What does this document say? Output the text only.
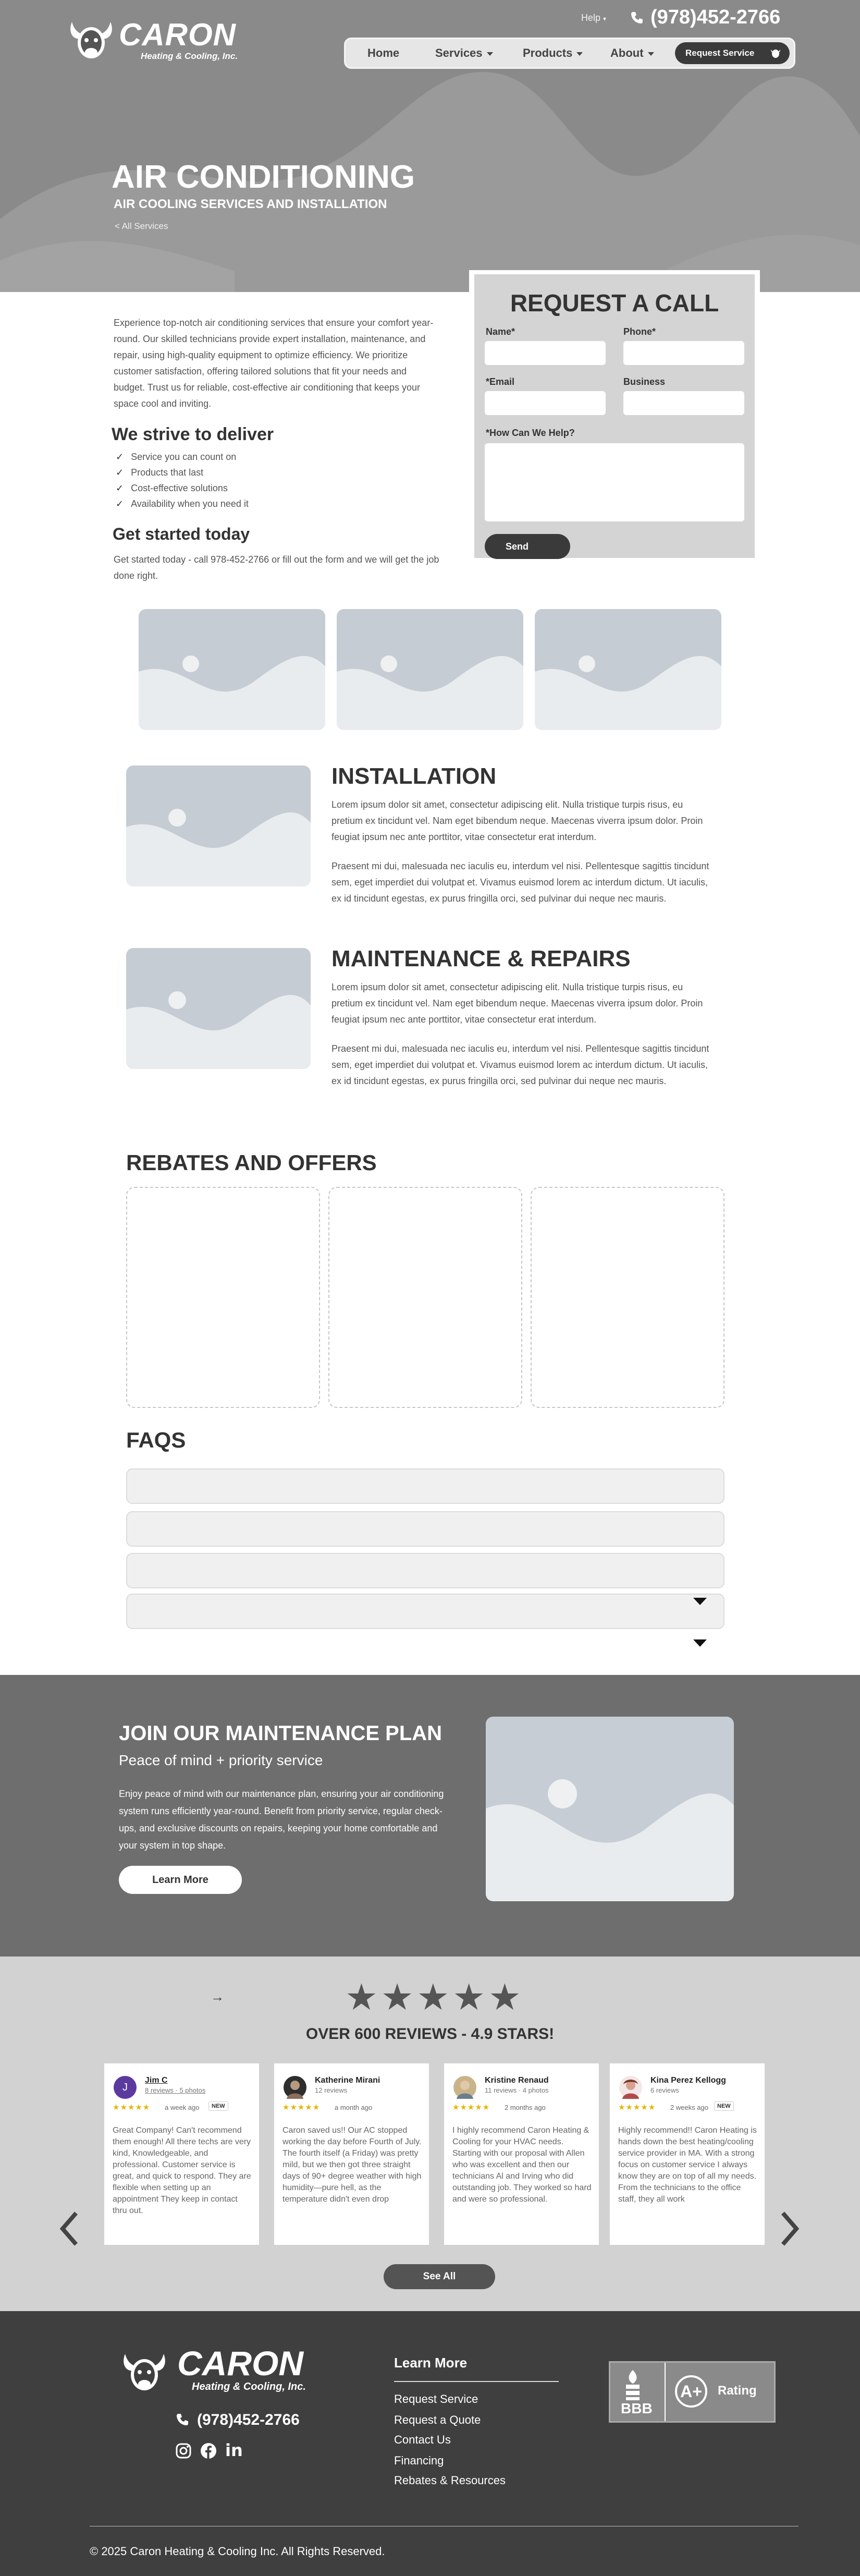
CARON
Heating & Cooling, Inc.
Help ▾ (978)452-2766
Home	Services	Products	About	Request Service
AIR CONDITIONING
AIR COOLING SERVICES AND INSTALLATION
< All Services
Experience top-notch air conditioning services that ensure your comfort year-round. Our skilled technicians provide expert installation, maintenance, and repair, using high-quality equipment to optimize efficiency. We prioritize customer satisfaction, offering tailored solutions that fit your needs and budget. Trust us for reliable, cost-effective air conditioning that keeps your space cool and inviting.
We strive to deliver
✓ Service you can count on
✓ Products that last
✓ Cost-effective solutions
✓ Availability when you need it
Get started today
Get started today - call 978-452-2766 or fill out the form and we will get the job done right.
REQUEST A CALL
Name*	Phone*
*Email	Business
*How Can We Help?
Send
INSTALLATION
Lorem ipsum dolor sit amet, consectetur adipiscing elit. Nulla tristique turpis risus, eu pretium ex tincidunt vel. Nam eget bibendum neque. Maecenas viverra ipsum dolor. Proin feugiat ipsum nec ante porttitor, vitae consectetur erat interdum.
Praesent mi dui, malesuada nec iaculis eu, interdum vel nisi. Pellentesque sagittis tincidunt sem, eget imperdiet dui volutpat et. Vivamus euismod lorem ac interdum dictum. Ut iaculis, ex id tincidunt egestas, ex purus fringilla orci, sed pulvinar dui neque nec mauris.
MAINTENANCE & REPAIRS
Lorem ipsum dolor sit amet, consectetur adipiscing elit. Nulla tristique turpis risus, eu pretium ex tincidunt vel. Nam eget bibendum neque. Maecenas viverra ipsum dolor. Proin feugiat ipsum nec ante porttitor, vitae consectetur erat interdum.
Praesent mi dui, malesuada nec iaculis eu, interdum vel nisi. Pellentesque sagittis tincidunt sem, eget imperdiet dui volutpat et. Vivamus euismod lorem ac interdum dictum. Ut iaculis, ex id tincidunt egestas, ex purus fringilla orci, sed pulvinar dui neque nec mauris.
REBATES AND OFFERS
FAQS
JOIN OUR MAINTENANCE PLAN
Peace of mind + priority service
Enjoy peace of mind with our maintenance plan, ensuring your air conditioning system runs efficiently year-round. Benefit from priority service, regular check-ups, and exclusive discounts on repairs, keeping your home comfortable and your system in top shape.
Learn More
→	★★★★★
OVER 600 REVIEWS - 4.9 STARS!
J
Jim C
8 reviews · 5 photos
★★★★★ a week ago	NEW
Great Company! Can't recommend them enough! All there techs are very kind, Knowledgeable, and professional. Customer service is great, and quick to respond. They are flexible when setting up an appointment They keep in contact thru out.
Katherine Mirani
12 reviews
★★★★★ a month ago
Caron saved us!! Our AC stopped working the day before Fourth of July. The fourth itself (a Friday) was pretty mild, but we then got three straight days of 90+ degree weather with high humidity—pure hell, as the temperature didn't even drop
Kristine Renaud
11 reviews · 4 photos
★★★★★ 2 months ago
I highly recommend Caron Heating & Cooling for your HVAC needs. Starting with our proposal with Allen who was excellent and then our technicians Al and Irving who did outstanding job. They worked so hard and were so professional.
Kina Perez Kellogg
6 reviews
★★★★★ 2 weeks ago	NEW
Highly recommend!! Caron Heating is hands down the best heating/cooling service provider in MA. With a strong focus on customer service I always know they are on top of all my needs. From the technicians to the office staff, they all work
See All
CARON
Heating & Cooling, Inc.
(978)452-2766
in
Learn More
Request Service
Request a Quote
Contact Us
Financing
Rebates & Resources
BBB
A+	Rating
© 2025 Caron Heating & Cooling Inc. All Rights Reserved.
